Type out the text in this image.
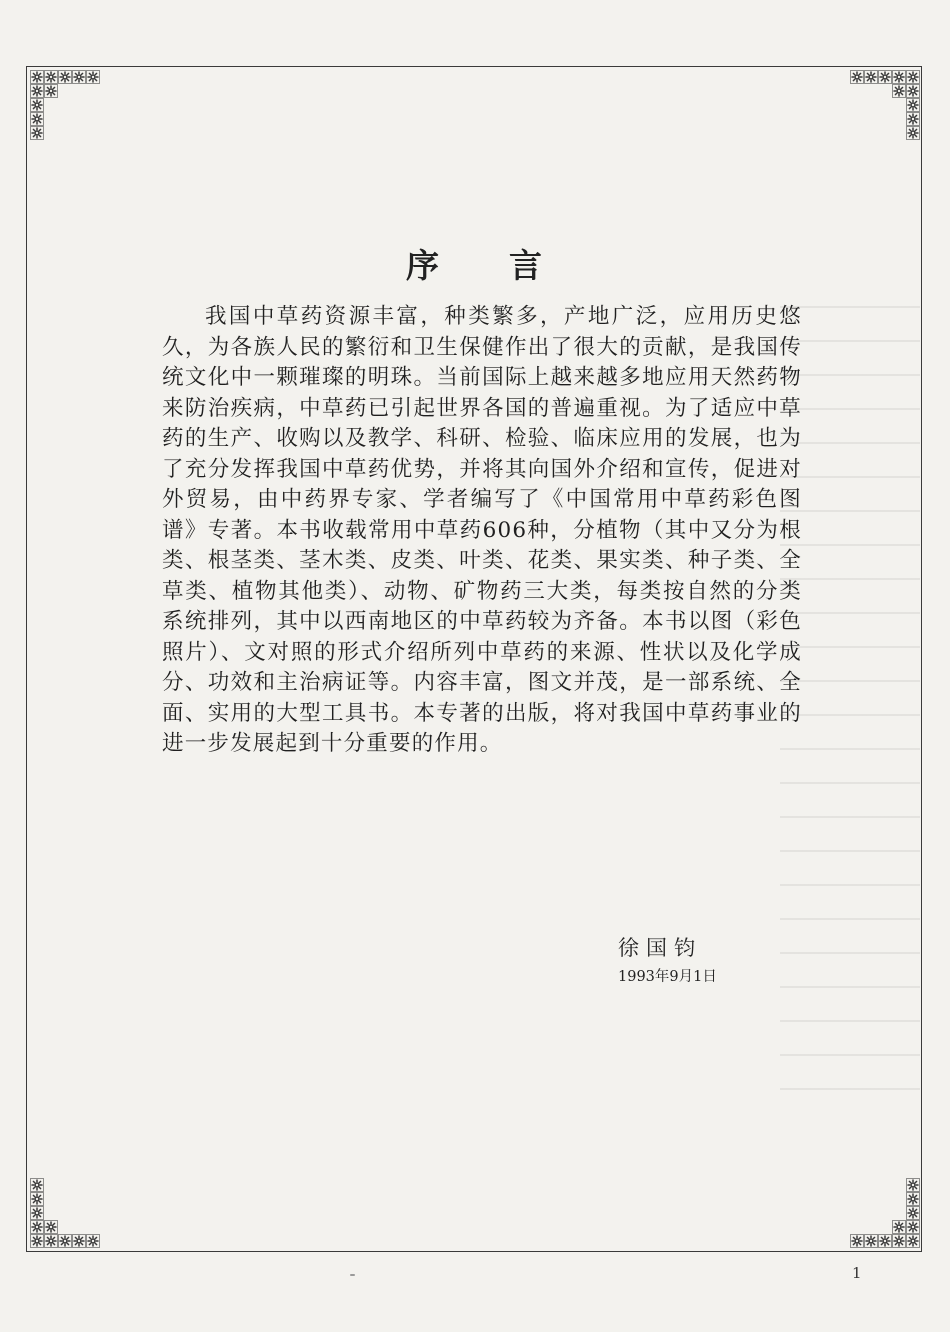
序 言

我国中草药资源丰富，种类繁多，产地广泛，应用历史悠久，为各族人民的繁衍和卫生保健作出了很大的贡献，是我国传统文化中一颗璀璨的明珠。当前国际上越来越多地应用天然药物来防治疾病，中草药已引起世界各国的普遍重视。为了适应中草药的生产、收购以及教学、科研、检验、临床应用的发展，也为了充分发挥我国中草药优势，并将其向国外介绍和宣传，促进对外贸易，由中药界专家、学者编写了《中国常用中草药彩色图谱》专著。本书收载常用中草药606种，分植物（其中又分为根类、根茎类、茎木类、皮类、叶类、花类、果实类、种子类、全草类、植物其他类）、动物、矿物药三大类，每类按自然的分类系统排列，其中以西南地区的中草药较为齐备。本书以图（彩色照片）、文对照的形式介绍所列中草药的来源、性状以及化学成分、功效和主治病证等。内容丰富，图文并茂，是一部系统、全面、实用的大型工具书。本专著的出版，将对我国中草药事业的进一步发展起到十分重要的作用。

徐国钧
1993年9月1日
1
